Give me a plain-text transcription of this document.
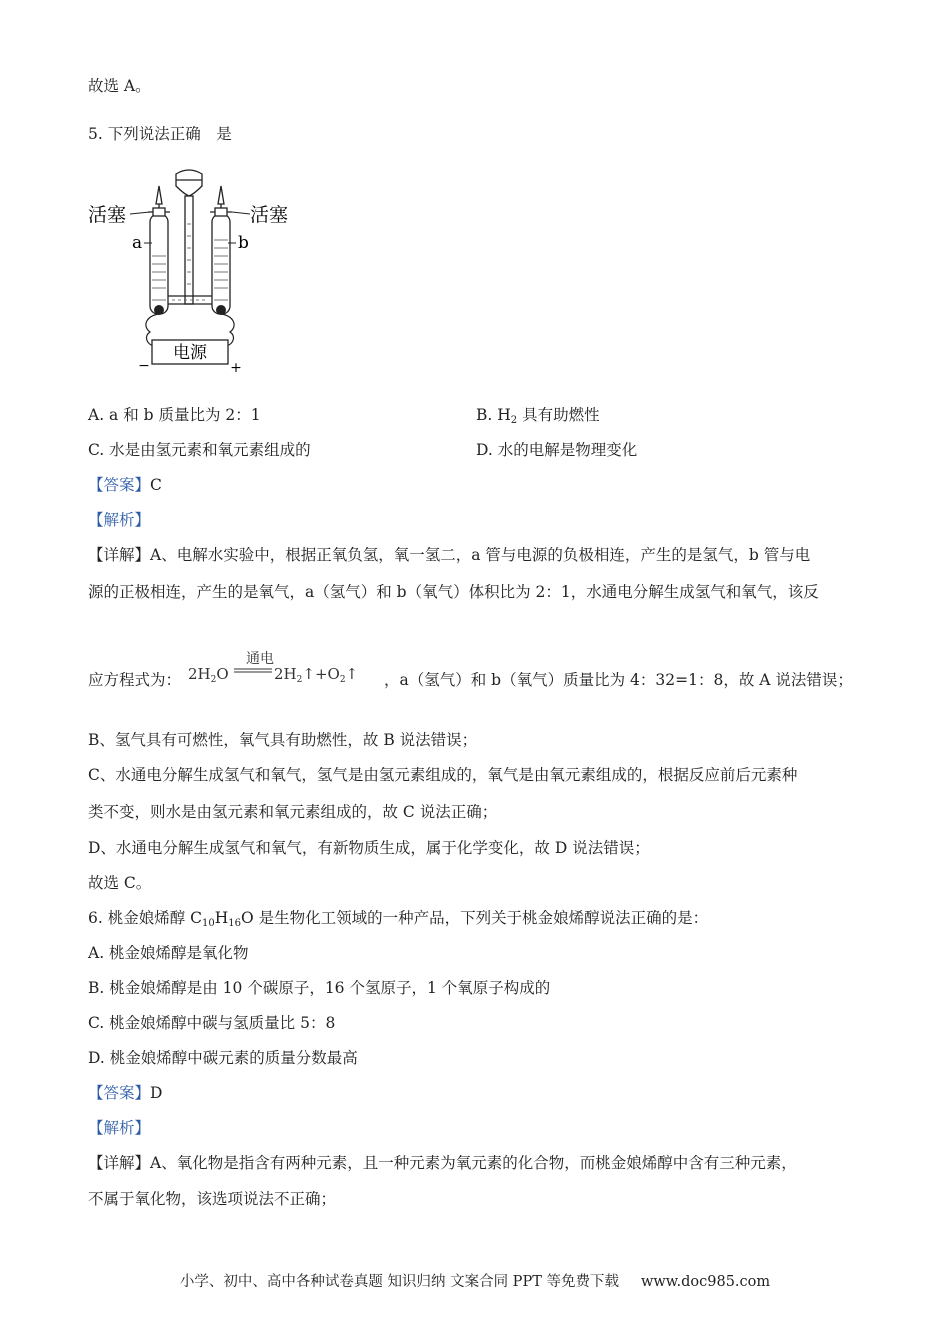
故选 A。
5. 下列说法正确　是
电源
−	+
活塞	活塞
a	b
A. a 和 b 质量比为 2：1	B. $H_2$ 具有助燃性
C. 水是由氢元素和氧元素组成的	D. 水的电解是物理变化
【答案】C
【解析】
【详解】A、电解水实验中，根据正氧负氢，氧一氢二，a 管与电源的负极相连，产生的是氢气，b 管与电
源的正极相连，产生的是氧气，a（氢气）和 b（氧气）体积比为 2：1，水通电分解生成氢气和氧气，该反
应方程式为： $2H_2O$
通电
$2H_2↑+O_2↑$ ，a（氢气）和 b（氧气）质量比为 4：32=1：8，故 A 说法错误；
B、氢气具有可燃性，氧气具有助燃性，故 B 说法错误；
C、水通电分解生成氢气和氧气，氢气是由氢元素组成的，氧气是由氧元素组成的，根据反应前后元素种
类不变，则水是由氢元素和氧元素组成的，故 C 说法正确；
D、水通电分解生成氢气和氧气，有新物质生成，属于化学变化，故 D 说法错误；
故选 C。
6. 桃金娘烯醇 $C_{10}H_{16}O$ 是生物化工领域的一种产品，下列关于桃金娘烯醇说法正确的是：
A. 桃金娘烯醇是氧化物
B. 桃金娘烯醇是由 10 个碳原子，16 个氢原子，1 个氧原子构成的
C. 桃金娘烯醇中碳与氢质量比 5：8
D. 桃金娘烯醇中碳元素的质量分数最高
【答案】D
【解析】
【详解】A、氧化物是指含有两种元素，且一种元素为氧元素的化合物，而桃金娘烯醇中含有三种元素，
不属于氧化物，该选项说法不正确；
小学、初中、高中各种试卷真题 知识归纳 文案合同 PPT 等免费下载 www.doc985.com
